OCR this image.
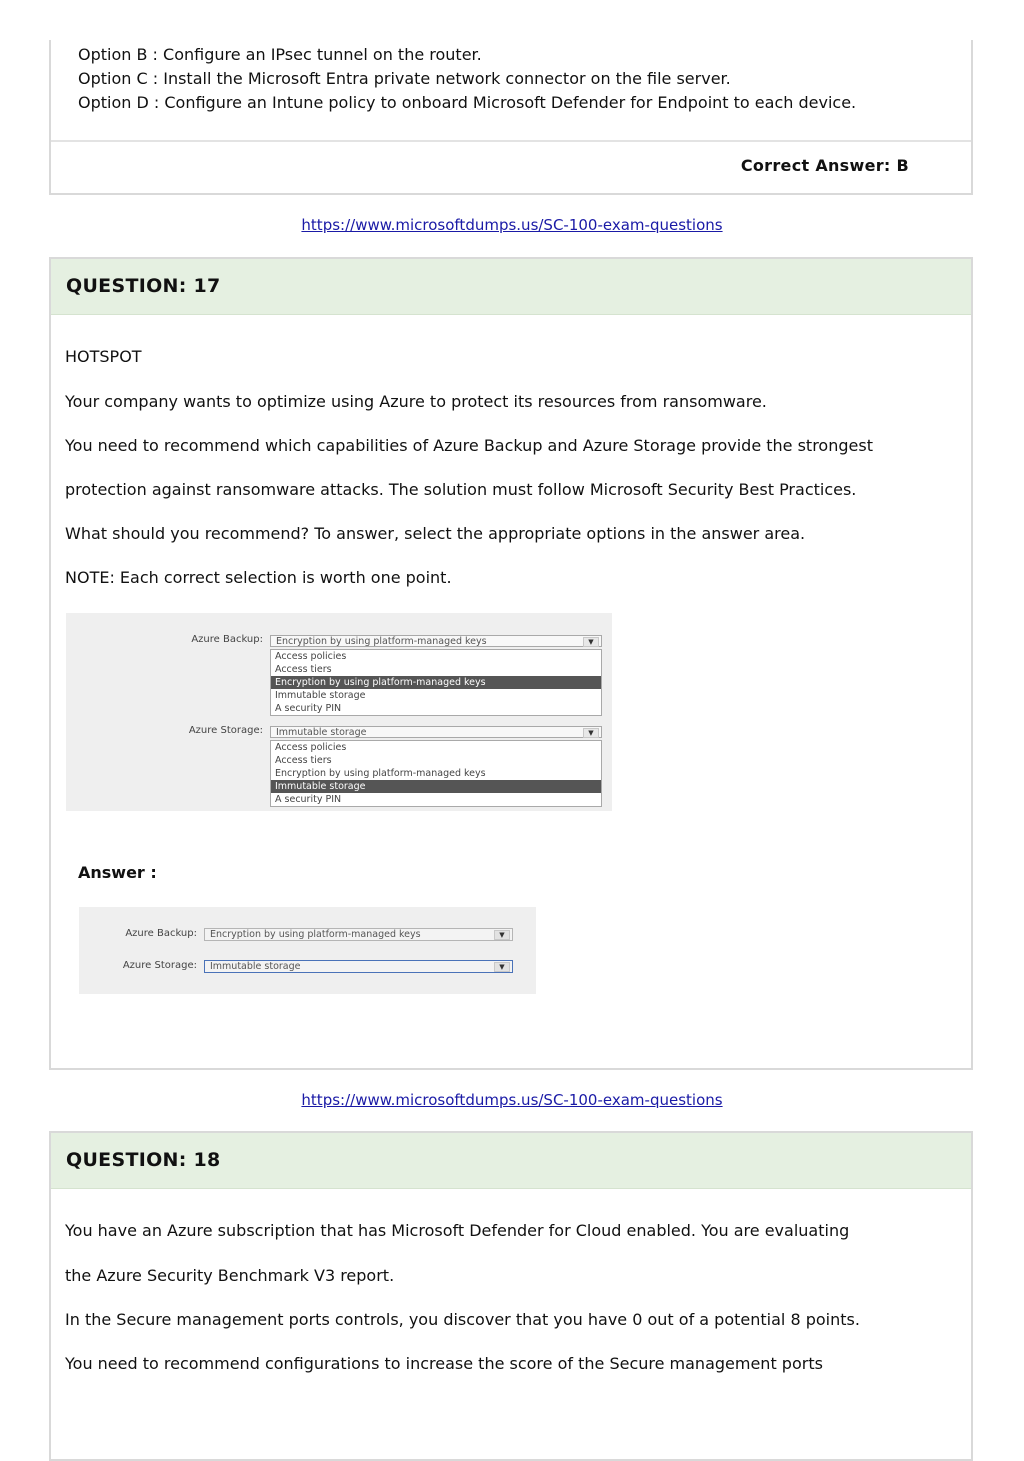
Correct Answer: B
Option B : Configure an IPsec tunnel on the router.
Option C : Install the Microsoft Entra private network connector on the file server.
Option D : Configure an Intune policy to onboard Microsoft Defender for Endpoint to each device.
https://www.microsoftdumps.us/SC-100-exam-questions
QUESTION: 17
HOTSPOT
Your company wants to optimize using Azure to protect its resources from ransomware.
You need to recommend which capabilities of Azure Backup and Azure Storage provide the strongest
protection against ransomware attacks. The solution must follow Microsoft Security Best Practices.
What should you recommend? To answer, select the appropriate options in the answer area.
NOTE: Each correct selection is worth one point.
Azure Backup:	Encryption by using platform-managed keys	▼
Access policies
Access tiers
Encryption by using platform-managed keys
Immutable storage
A security PIN
Azure Storage:	Immutable storage	▼
Access policies
Access tiers
Encryption by using platform-managed keys
Immutable storage
A security PIN
Answer :
Azure Backup:	Encryption by using platform-managed keys	▼
Azure Storage:	Immutable storage	▼
https://www.microsoftdumps.us/SC-100-exam-questions
QUESTION: 18
You have an Azure subscription that has Microsoft Defender for Cloud enabled. You are evaluating
the Azure Security Benchmark V3 report.
In the Secure management ports controls, you discover that you have 0 out of a potential 8 points.
You need to recommend configurations to increase the score of the Secure management ports
